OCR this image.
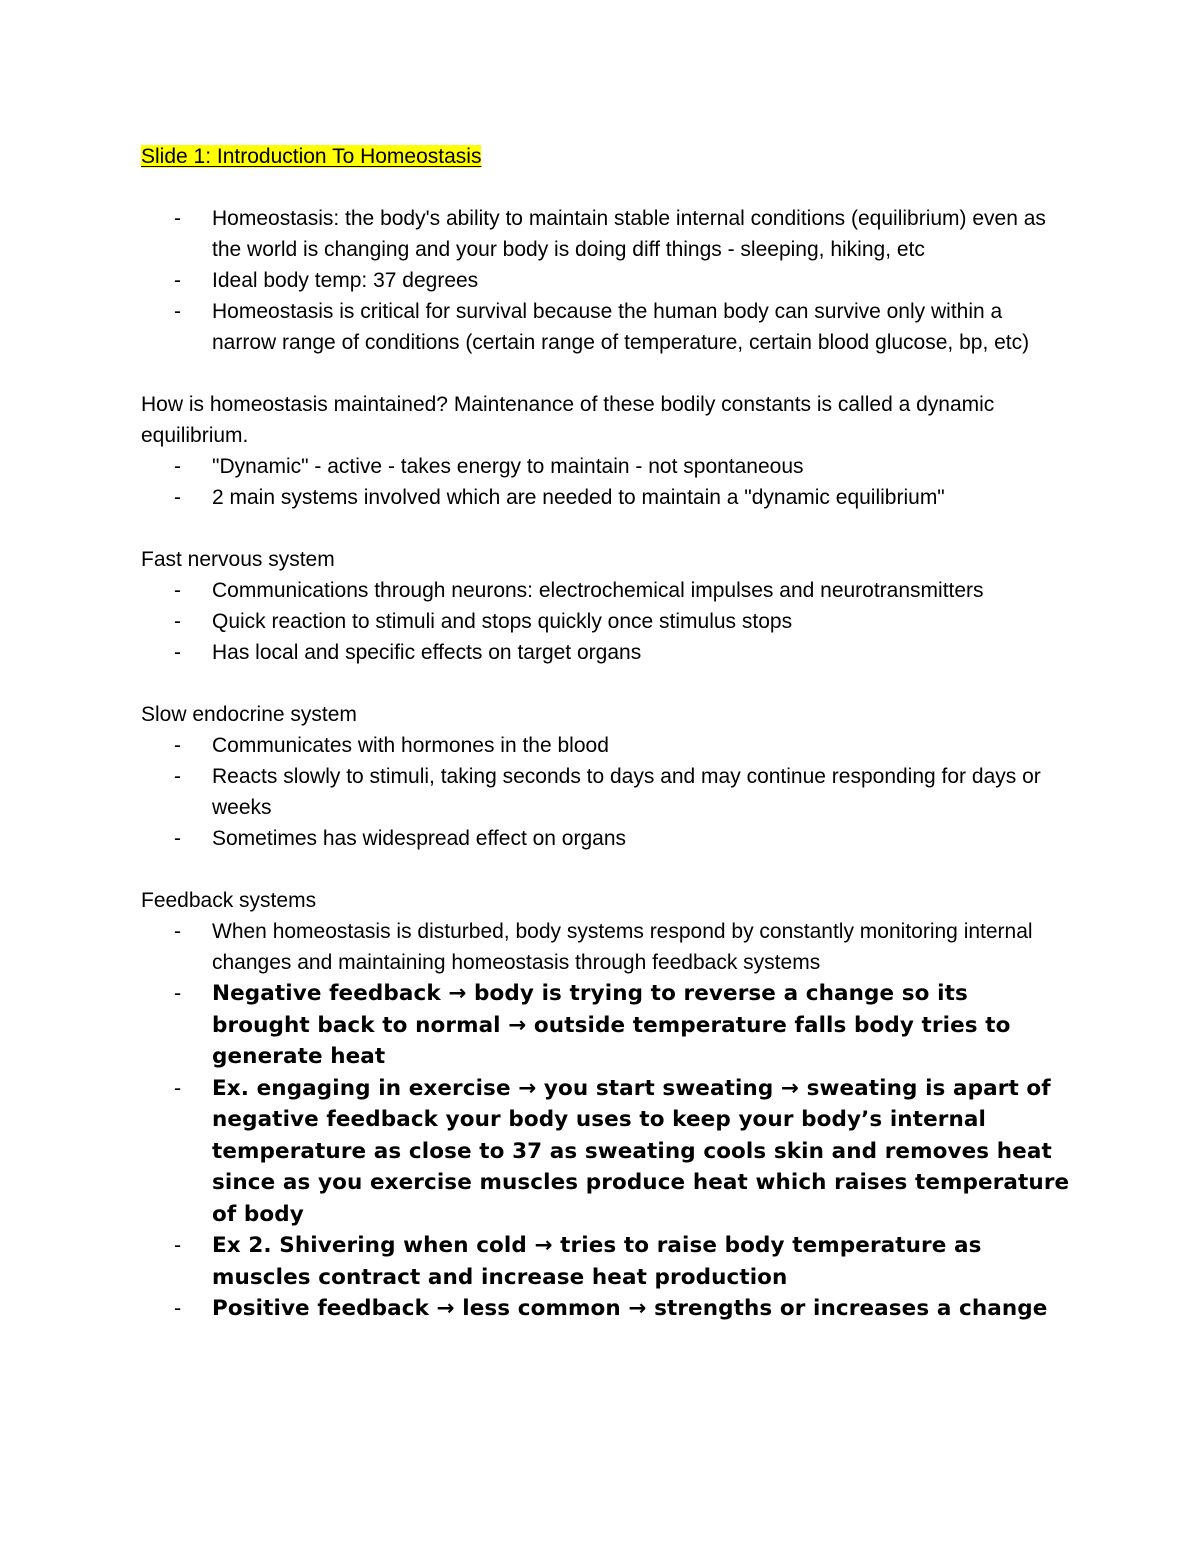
Slide 1: Introduction To Homeostasis

- Homeostasis: the body's ability to maintain stable internal conditions (equilibrium) even as the world is changing and your body is doing diff things - sleeping, hiking, etc
- Ideal body temp: 37 degrees
- Homeostasis is critical for survival because the human body can survive only within a narrow range of conditions (certain range of temperature, certain blood glucose, bp, etc)

How is homeostasis maintained? Maintenance of these bodily constants is called a dynamic equilibrium.

- "Dynamic" - active - takes energy to maintain - not spontaneous
- 2 main systems involved which are needed to maintain a "dynamic equilibrium"

Fast nervous system

- Communications through neurons: electrochemical impulses and neurotransmitters
- Quick reaction to stimuli and stops quickly once stimulus stops
- Has local and specific effects on target organs

Slow endocrine system

- Communicates with hormones in the blood
- Reacts slowly to stimuli, taking seconds to days and may continue responding for days or weeks
- Sometimes has widespread effect on organs

Feedback systems

- When homeostasis is disturbed, body systems respond by constantly monitoring internal changes and maintaining homeostasis through feedback systems
- Negative feedback → body is trying to reverse a change so its brought back to normal → outside temperature falls body tries to generate heat
- Ex. engaging in exercise → you start sweating → sweating is apart of negative feedback your body uses to keep your body’s internal temperature as close to 37 as sweating cools skin and removes heat since as you exercise muscles produce heat which raises temperature of body
- Ex 2. Shivering when cold → tries to raise body temperature as muscles contract and increase heat production
- Positive feedback → less common → strengths or increases a change
